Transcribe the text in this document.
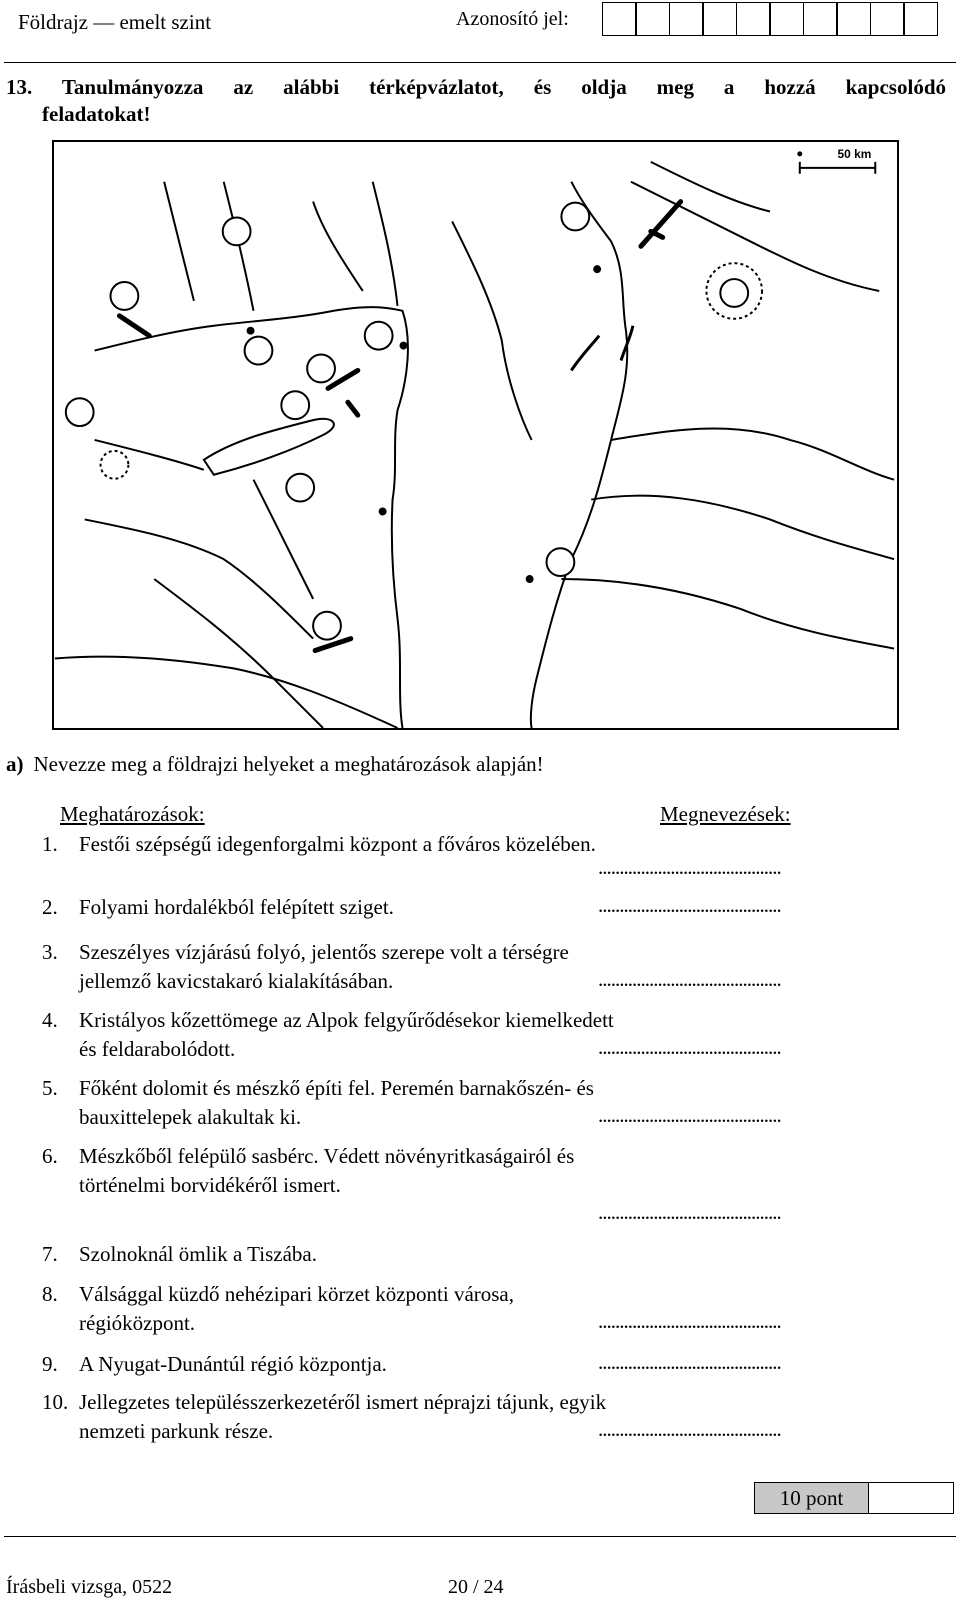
Földrajz — emelt szint	Azonosító jel:
13. Tanulmányozza az alábbi térképvázlatot, és oldja meg a hozzá kapcsolódó
feladatokat!
50 km
a) Nevezze meg a földrajzi helyeket a meghatározások alapján!
Meghatározások:	Megnevezések:
1. Festői szépségű idegenforgalmi központ a főváros közelében.
...........................................
2. Folyami hordalékból felépített sziget.	...........................................
3. Szeszélyes vízjárású folyó, jelentős szerepe volt a térségre jellemző kavicstakaró kialakításában.	...........................................
4. Kristályos kőzettömege az Alpok felgyűrődésekor kiemelkedett és feldarabolódott.	...........................................
5. Főként dolomit és mészkő építi fel. Peremén barnakőszén- és bauxittelepek alakultak ki.	...........................................
6. Mészkőből felépülő sasbérc. Védett növényritkaságairól és történelmi borvidékéről ismert.
...........................................
7. Szolnoknál ömlik a Tiszába.
8. Válsággal küzdő nehézipari körzet központi városa, régióközpont.	...........................................
9. A Nyugat-Dunántúl régió központja.	...........................................
10. Jellegzetes településszerkezetéről ismert néprajzi tájunk, egyik nemzeti parkunk része.	...........................................
10 pont
Írásbeli vizsga, 0522	20 / 24
